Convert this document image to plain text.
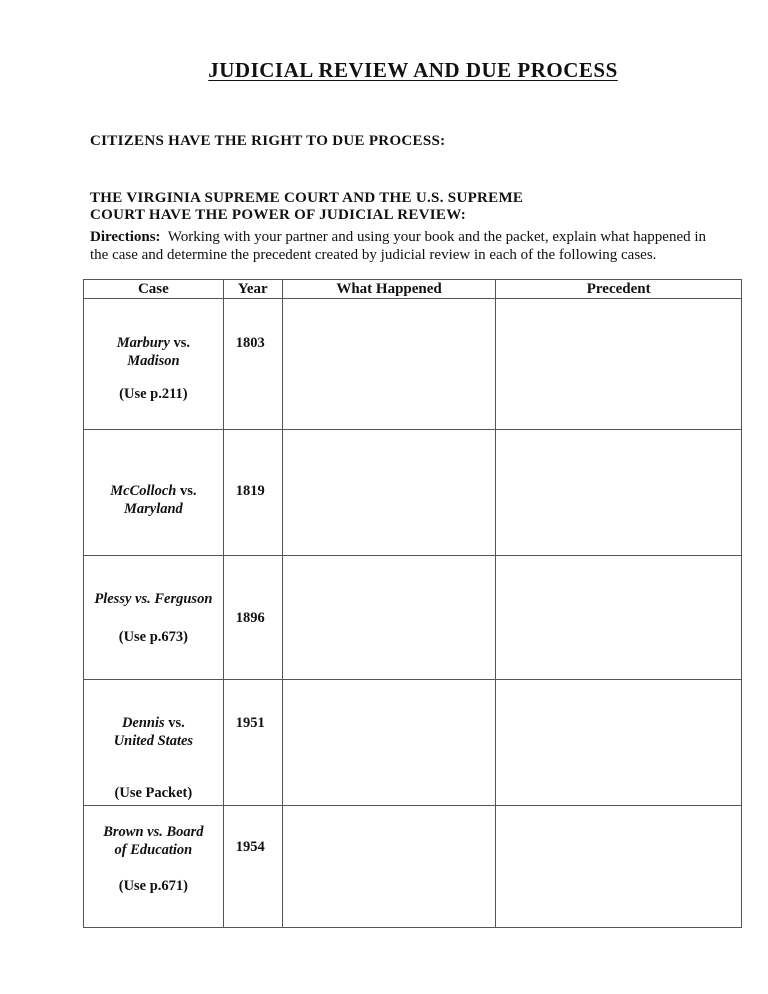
JUDICIAL REVIEW AND DUE PROCESS
CITIZENS HAVE THE RIGHT TO DUE PROCESS:
THE VIRGINIA SUPREME COURT AND THE U.S. SUPREME
COURT HAVE THE POWER OF JUDICIAL REVIEW:
Directions: Working with your partner and using your book and the packet, explain what happened in the case and determine the precedent created by judicial review in each of the following cases.
Case	Year	What Happened	Precedent

Marbury vs.
Madison
(Use p.211)	1803		

McColloch vs.
Maryland	1819		

Plessy vs. Ferguson
(Use p.673)	1896		

Dennis vs.
United States
(Use Packet)	1951		

Brown vs. Board
of Education
(Use p.671)	1954		
